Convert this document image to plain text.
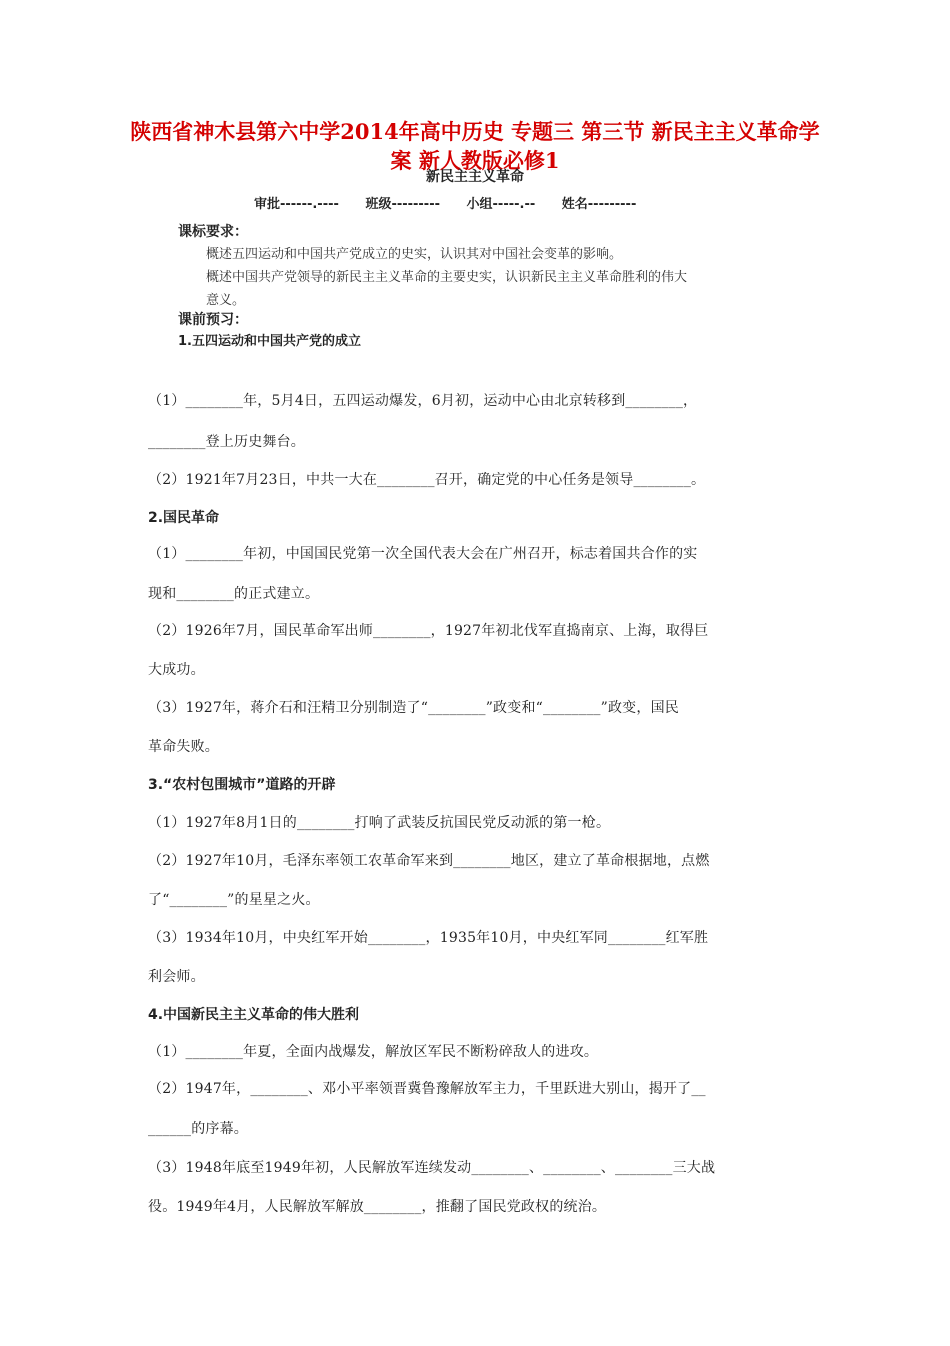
陕西省神木县第六中学2014年高中历史 专题三 第三节 新民主主义革命学案 新人教版必修1
新民主主义革命
审批------.---- 班级--------- 小组-----.-- 姓名---------
课标要求：
概述五四运动和中国共产党成立的史实，认识其对中国社会变革的影响。
概述中国共产党领导的新民主主义革命的主要史实，认识新民主主义革命胜利的伟大
意义。
课前预习：
1.五四运动和中国共产党的成立
（1）________年，5月4日，五四运动爆发，6月初，运动中心由北京转移到________，
________登上历史舞台。
（2）1921年7月23日，中共一大在________召开，确定党的中心任务是领导________。
2.国民革命
（1）________年初，中国国民党第一次全国代表大会在广州召开，标志着国共合作的实
现和________的正式建立。
（2）1926年7月，国民革命军出师________，1927年初北伐军直捣南京、上海，取得巨
大成功。
（3）1927年，蒋介石和汪精卫分别制造了“________”政变和“________”政变，国民
革命失败。
3.“农村包围城市”道路的开辟
（1）1927年8月1日的________打响了武装反抗国民党反动派的第一枪。
（2）1927年10月，毛泽东率领工农革命军来到________地区，建立了革命根据地，点燃
了“________”的星星之火。
（3）1934年10月，中央红军开始________，1935年10月，中央红军同________红军胜
利会师。
4.中国新民主主义革命的伟大胜利
（1）________年夏，全面内战爆发，解放区军民不断粉碎敌人的进攻。
（2）1947年，________、邓小平率领晋冀鲁豫解放军主力，千里跃进大别山，揭开了__
______的序幕。
（3）1948年底至1949年初，人民解放军连续发动________、________、________三大战
役。1949年4月，人民解放军解放________，推翻了国民党政权的统治。
